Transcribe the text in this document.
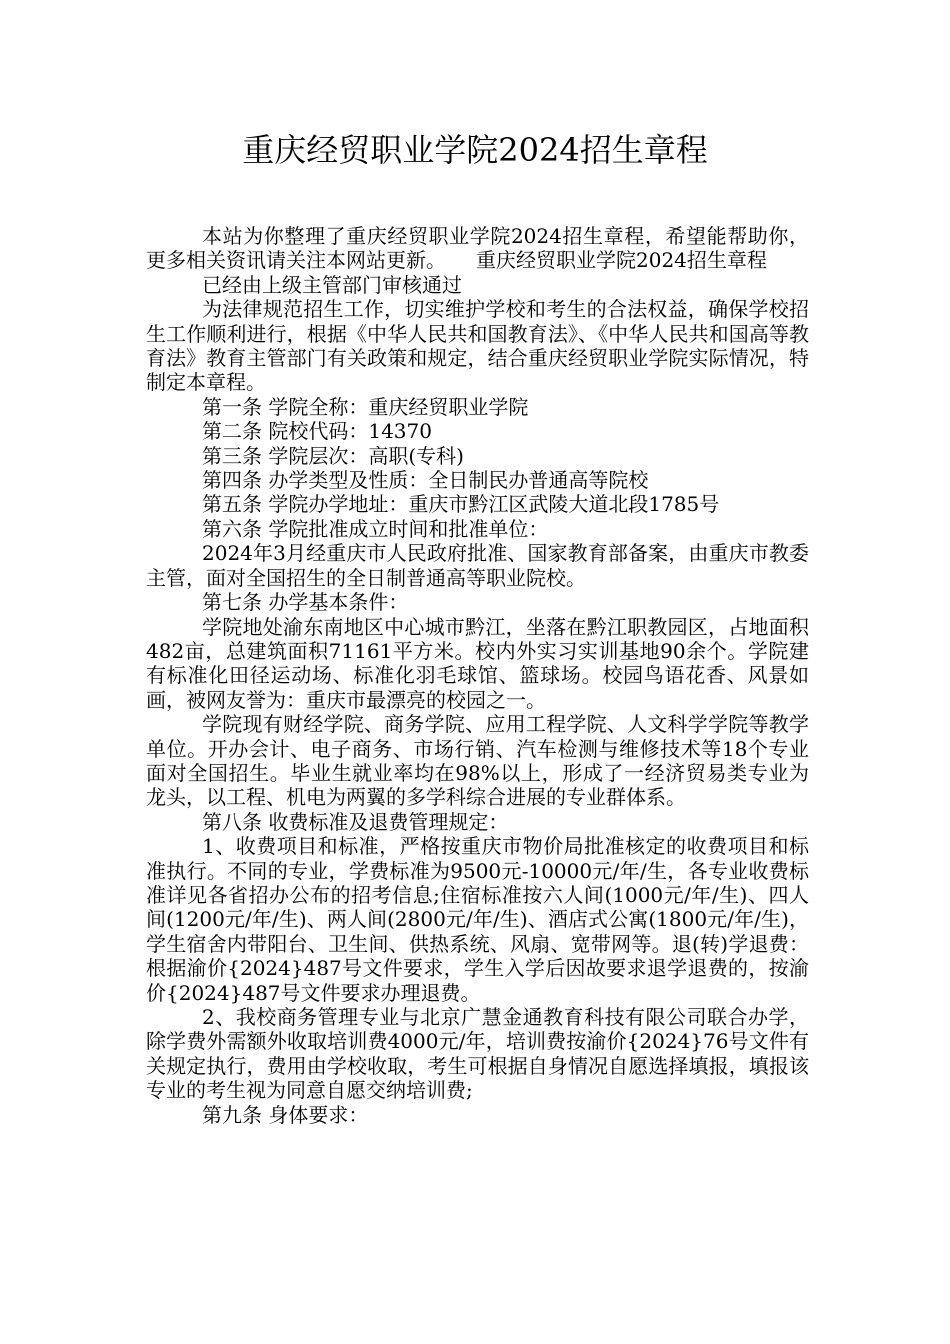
重庆经贸职业学院2024招生章程

本站为你整理了重庆经贸职业学院2024招生章程，希望能帮助你，更多相关资讯请关注本网站更新。　　重庆经贸职业学院2024招生章程

已经由上级主管部门审核通过

为法律规范招生工作，切实维护学校和考生的合法权益，确保学校招生工作顺利进行，根据《中华人民共和国教育法》、《中华人民共和国高等教育法》教育主管部门有关政策和规定，结合重庆经贸职业学院实际情况，特制定本章程。

第一条 学院全称：重庆经贸职业学院

第二条 院校代码：14370

第三条 学院层次：高职(专科)

第四条 办学类型及性质：全日制民办普通高等院校

第五条 学院办学地址：重庆市黔江区武陵大道北段1785号

第六条 学院批准成立时间和批准单位：

2024年3月经重庆市人民政府批准、国家教育部备案，由重庆市教委主管，面对全国招生的全日制普通高等职业院校。

第七条 办学基本条件：

学院地处渝东南地区中心城市黔江，坐落在黔江职教园区，占地面积482亩，总建筑面积71161平方米。校内外实习实训基地90余个。学院建有标准化田径运动场、标准化羽毛球馆、篮球场。校园鸟语花香、风景如画，被网友誉为：重庆市最漂亮的校园之一。

学院现有财经学院、商务学院、应用工程学院、人文科学学院等教学单位。开办会计、电子商务、市场行销、汽车检测与维修技术等18个专业面对全国招生。毕业生就业率均在98%以上，形成了一经济贸易类专业为龙头，以工程、机电为两翼的多学科综合进展的专业群体系。

第八条 收费标准及退费管理规定：

1、收费项目和标准，严格按重庆市物价局批准核定的收费项目和标准执行。不同的专业，学费标准为9500元-10000元/年/生，各专业收费标准详见各省招办公布的招考信息;住宿标准按六人间(1000元/年/生)、四人间(1200元/年/生)、两人间(2800元/年/生)、酒店式公寓(1800元/年/生)，学生宿舍内带阳台、卫生间、供热系统、风扇、宽带网等。退(转)学退费：根据渝价{2024}487号文件要求，学生入学后因故要求退学退费的，按渝价{2024}487号文件要求办理退费。

2、我校商务管理专业与北京广慧金通教育科技有限公司联合办学，除学费外需额外收取培训费4000元/年，培训费按渝价{2024}76号文件有关规定执行，费用由学校收取，考生可根据自身情况自愿选择填报，填报该专业的考生视为同意自愿交纳培训费;

第九条 身体要求：
